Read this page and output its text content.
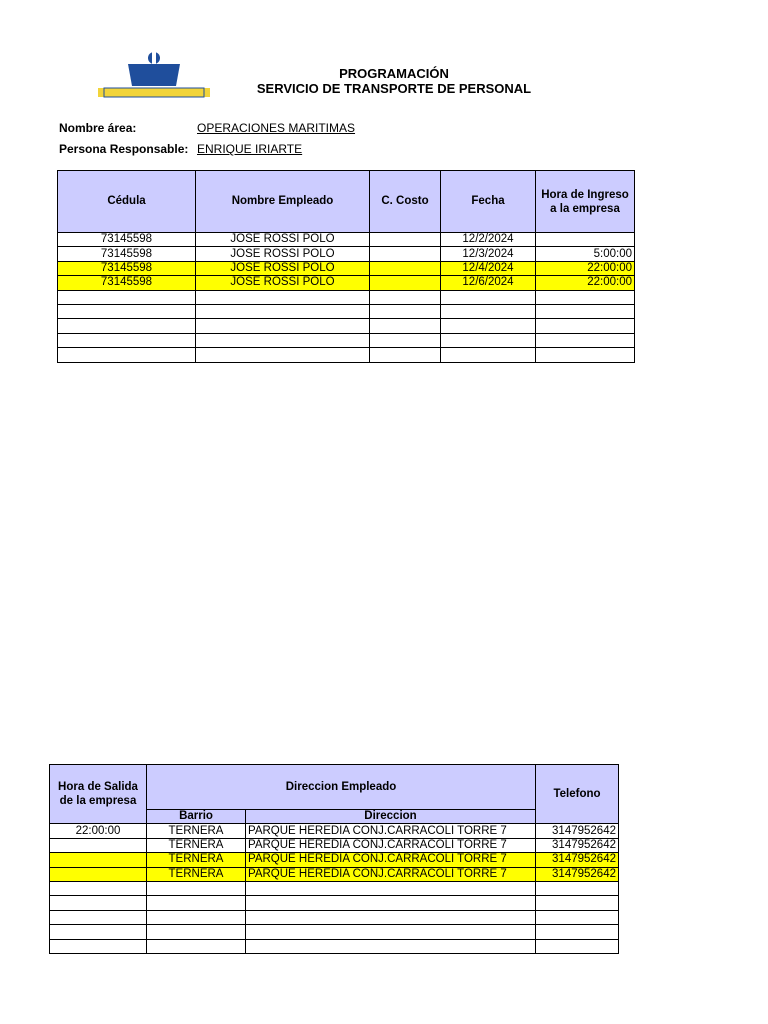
PROGRAMACIÓN
SERVICIO DE TRANSPORTE DE PERSONAL
Nombre área:	OPERACIONES MARITIMAS
Persona Responsable: ENRIQUE IRIARTE
Cédula	Nombre Empleado	C. Costo	Fecha	Hora de Ingreso a la empresa
73145598	JOSE ROSSI POLO		12/2/2024	
73145598	JOSE ROSSI POLO		12/3/2024	5:00:00
73145598	JOSE ROSSI POLO		12/4/2024	22:00:00
73145598	JOSE ROSSI POLO		12/6/2024	22:00:00

Hora de Salida de la empresa	Direccion Empleado		Telefono
	Barrio	Direccion	
22:00:00	TERNERA	PARQUE HEREDIA CONJ.CARRACOLI TORRE 7	3147952642
	TERNERA	PARQUE HEREDIA CONJ.CARRACOLI TORRE 7	3147952642
	TERNERA	PARQUE HEREDIA CONJ.CARRACOLI TORRE 7	3147952642
	TERNERA	PARQUE HEREDIA CONJ.CARRACOLI TORRE 7	3147952642
